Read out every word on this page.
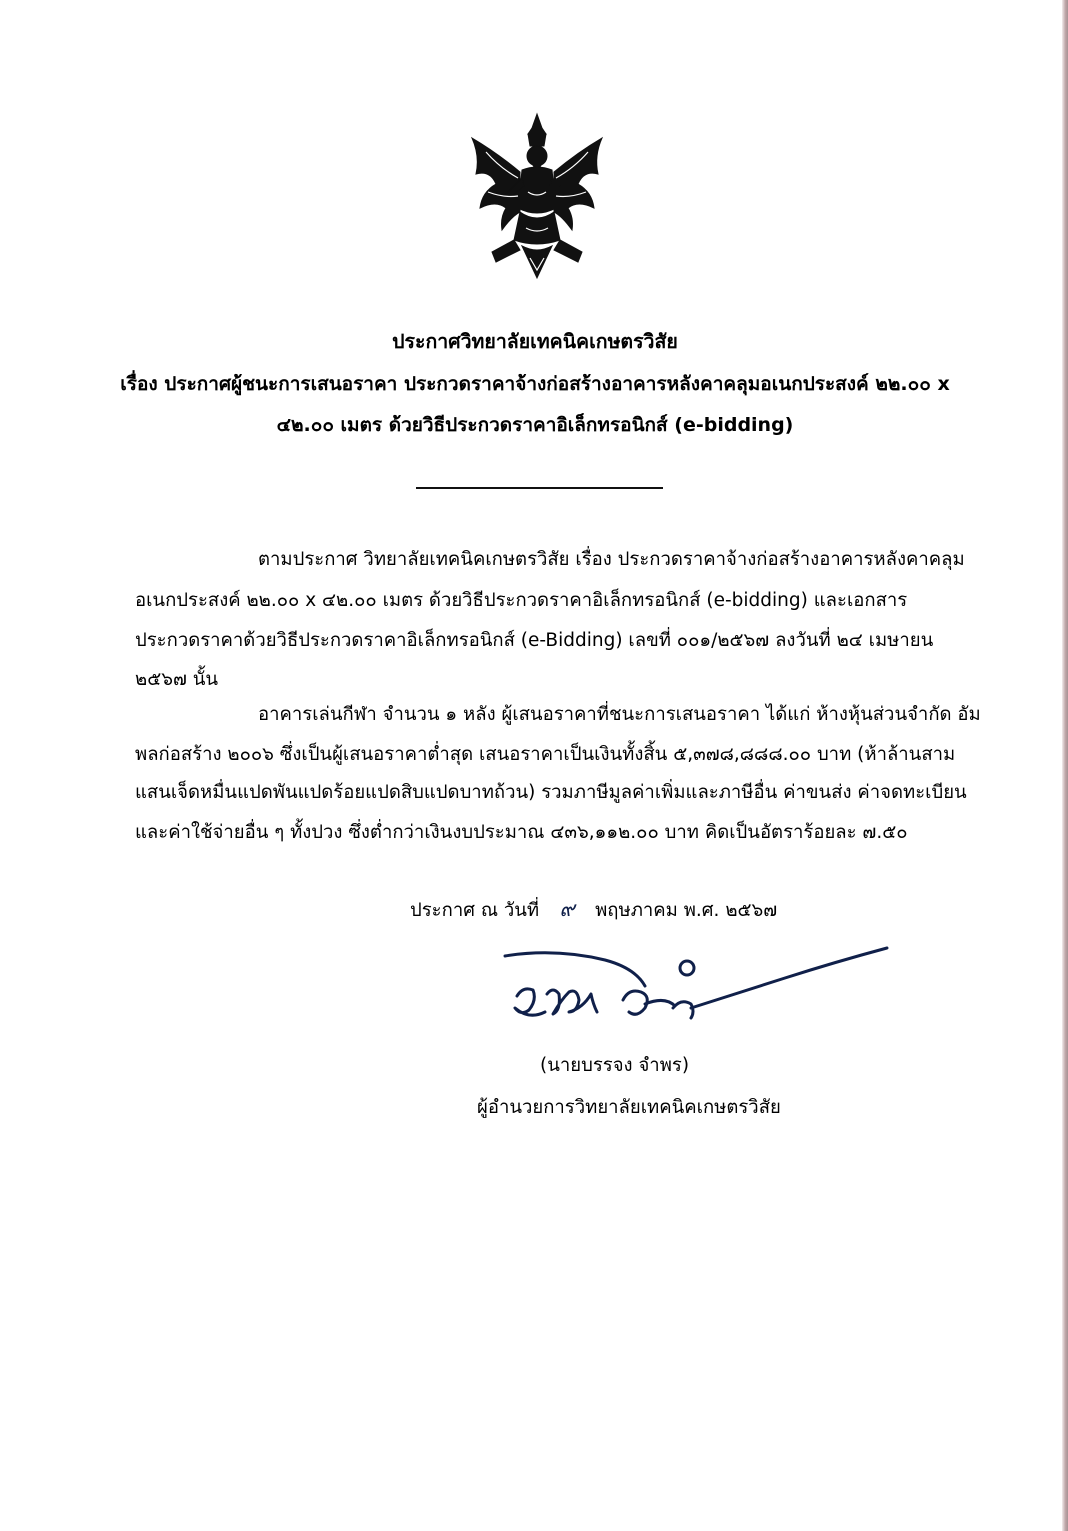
ประกาศวิทยาลัยเทคนิคเกษตรวิสัย
เรื่อง ประกาศผู้ชนะการเสนอราคา ประกวดราคาจ้างก่อสร้างอาคารหลังคาคลุมอเนกประสงค์ ๒๒.๐๐ x
๔๒.๐๐ เมตร ด้วยวิธีประกวดราคาอิเล็กทรอนิกส์ (e-bidding)
ตามประกาศ วิทยาลัยเทคนิคเกษตรวิสัย เรื่อง ประกวดราคาจ้างก่อสร้างอาคารหลังคาคลุม
อเนกประสงค์ ๒๒.๐๐ x ๔๒.๐๐ เมตร ด้วยวิธีประกวดราคาอิเล็กทรอนิกส์ (e-bidding) และเอกสาร
ประกวดราคาด้วยวิธีประกวดราคาอิเล็กทรอนิกส์ (e-Bidding) เลขที่ ๐๐๑/๒๕๖๗ ลงวันที่ ๒๔ เมษายน
๒๕๖๗ นั้น
อาคารเล่นกีฬา จำนวน ๑ หลัง ผู้เสนอราคาที่ชนะการเสนอราคา ได้แก่ ห้างหุ้นส่วนจำกัด อัม
พลก่อสร้าง ๒๐๐๖ ซึ่งเป็นผู้เสนอราคาต่ำสุด เสนอราคาเป็นเงินทั้งสิ้น ๕,๓๗๘,๘๘๘.๐๐ บาท (ห้าล้านสาม
แสนเจ็ดหมื่นแปดพันแปดร้อยแปดสิบแปดบาทถ้วน) รวมภาษีมูลค่าเพิ่มและภาษีอื่น ค่าขนส่ง ค่าจดทะเบียน
และค่าใช้จ่ายอื่น ๆ ทั้งปวง ซึ่งต่ำกว่าเงินงบประมาณ ๔๓๖,๑๑๒.๐๐ บาท คิดเป็นอัตราร้อยละ ๗.๕๐
ประกาศ ณ วันที่ ๙ พฤษภาคม พ.ศ. ๒๕๖๗
(นายบรรจง จำพร)
ผู้อำนวยการวิทยาลัยเทคนิคเกษตรวิสัย
